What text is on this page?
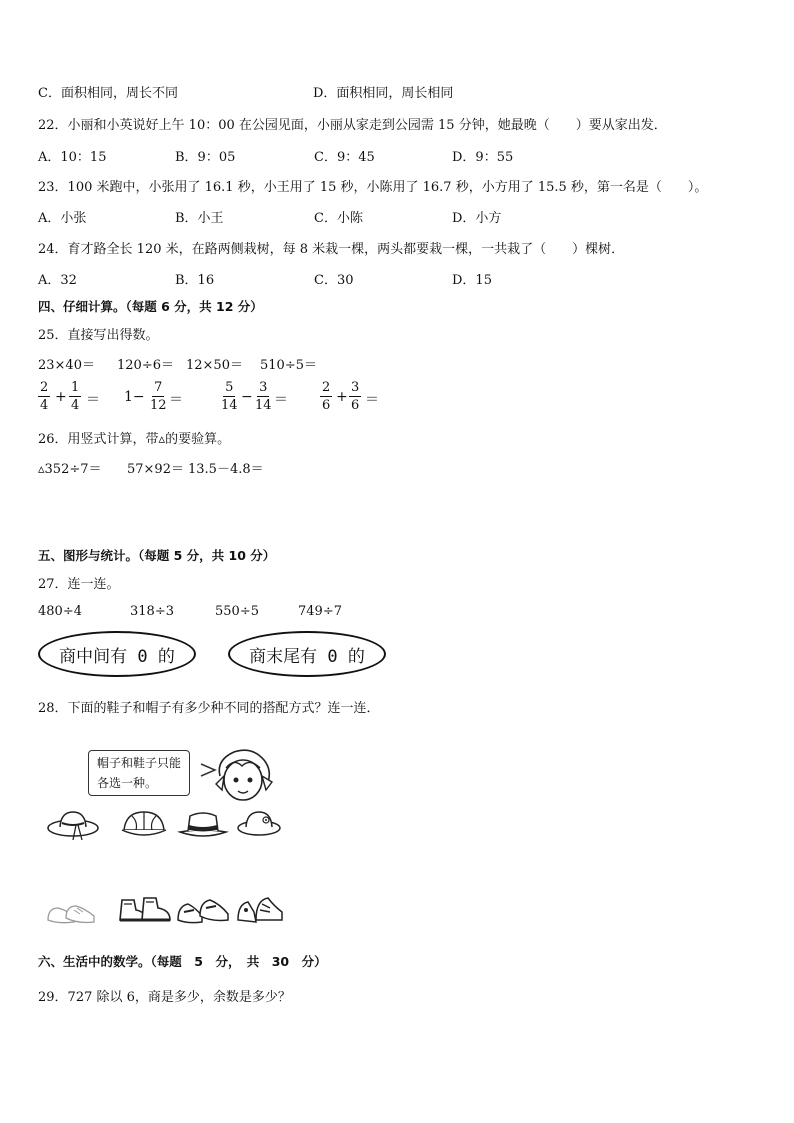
C．面积相同，周长不同	D．面积相同，周长相同
22．小丽和小英说好上午 10：00 在公园见面，小丽从家走到公园需 15 分钟，她最晚（　　）要从家出发．
A．10：15	B．9：05	C．9：45	D．9：55
23．100 米跑中，小张用了 16.1 秒，小王用了 15 秒，小陈用了 16.7 秒，小方用了 15.5 秒，第一名是（　　）。
A．小张	B．小王	C．小陈	D．小方
24．育才路全长 120 米，在路两侧栽树，每 8 米栽一棵，两头都要栽一棵，一共栽了（　　）棵树．
A．32	B．16	C．30	D．15
四、仔细计算。（每题 6 分，共 12 分）
25．直接写出得数。
23×40＝ 120÷6＝ 12×50＝ 510÷5＝
$\frac{2}{4} + \frac{1}{4} = 1- \frac{7}{12}$ ＝	$\frac{5}{14} - \frac{3}{14} = \frac{2}{6} + \frac{3}{6}$ ＝
26．用竖式计算，带▵的要验算。
▵352÷7＝ 57×92＝ 13.5－4.8＝
五、图形与统计。（每题 5 分，共 10 分）
27．连一连。
480÷4	318÷3	550÷5	749÷7
商中间有 0 的	商末尾有 0 的
28．下面的鞋子和帽子有多少种不同的搭配方式？连一连．
帽子和鞋子只能
各选一种。
六、生活中的数学。（每题　5　分，　共　30　分）
29．727 除以 6，商是多少，余数是多少？
